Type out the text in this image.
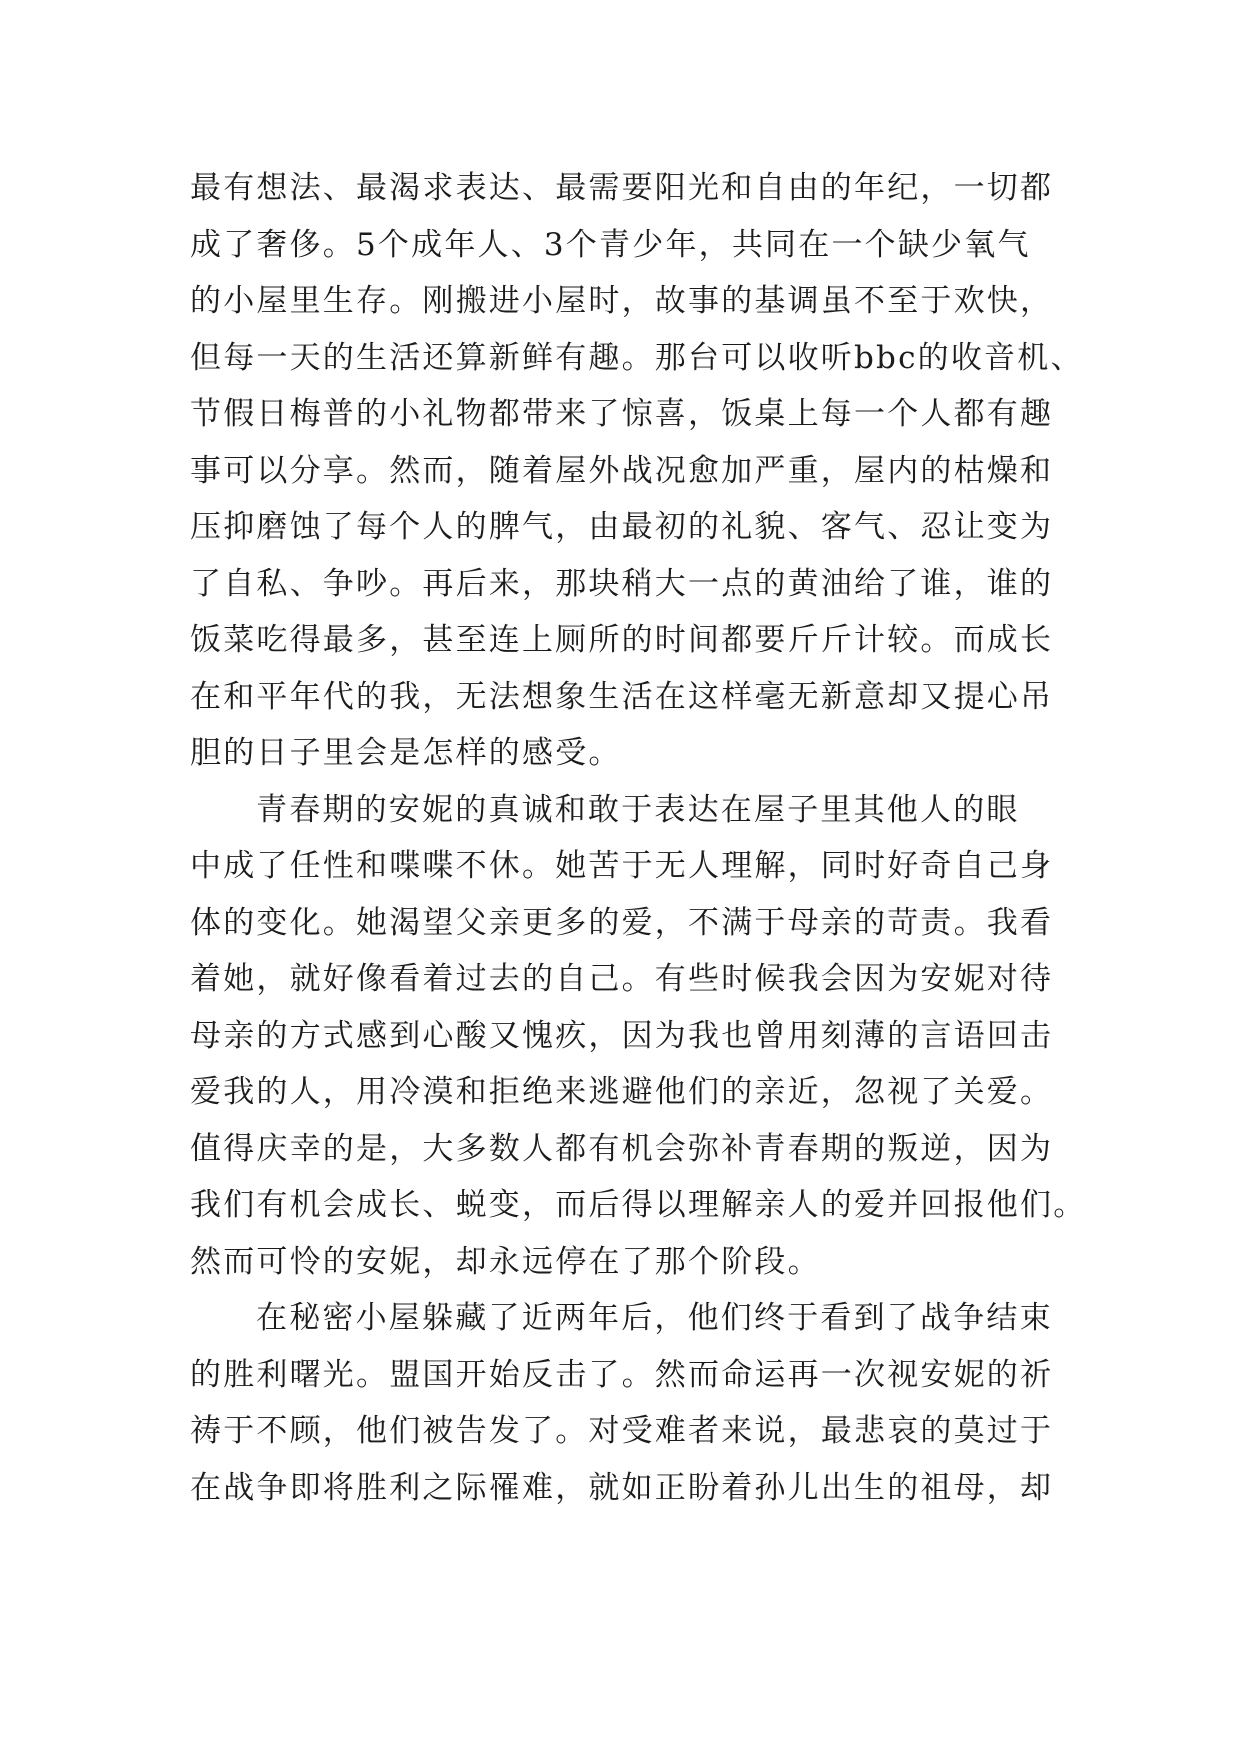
最有想法、最渴求表达、最需要阳光和自由的年纪，一切都
成了奢侈。5个成年人、3个青少年，共同在一个缺少氧气
的小屋里生存。刚搬进小屋时，故事的基调虽不至于欢快，
但每一天的生活还算新鲜有趣。那台可以收听bbc的收音机、
节假日梅普的小礼物都带来了惊喜，饭桌上每一个人都有趣
事可以分享。然而，随着屋外战况愈加严重，屋内的枯燥和
压抑磨蚀了每个人的脾气，由最初的礼貌、客气、忍让变为
了自私、争吵。再后来，那块稍大一点的黄油给了谁，谁的
饭菜吃得最多，甚至连上厕所的时间都要斤斤计较。而成长
在和平年代的我，无法想象生活在这样毫无新意却又提心吊
胆的日子里会是怎样的感受。
青春期的安妮的真诚和敢于表达在屋子里其他人的眼
中成了任性和喋喋不休。她苦于无人理解，同时好奇自己身
体的变化。她渴望父亲更多的爱，不满于母亲的苛责。我看
着她，就好像看着过去的自己。有些时候我会因为安妮对待
母亲的方式感到心酸又愧疚，因为我也曾用刻薄的言语回击
爱我的人，用冷漠和拒绝来逃避他们的亲近，忽视了关爱。
值得庆幸的是，大多数人都有机会弥补青春期的叛逆，因为
我们有机会成长、蜕变，而后得以理解亲人的爱并回报他们。
然而可怜的安妮，却永远停在了那个阶段。
在秘密小屋躲藏了近两年后，他们终于看到了战争结束
的胜利曙光。盟国开始反击了。然而命运再一次视安妮的祈
祷于不顾，他们被告发了。对受难者来说，最悲哀的莫过于
在战争即将胜利之际罹难，就如正盼着孙儿出生的祖母，却
